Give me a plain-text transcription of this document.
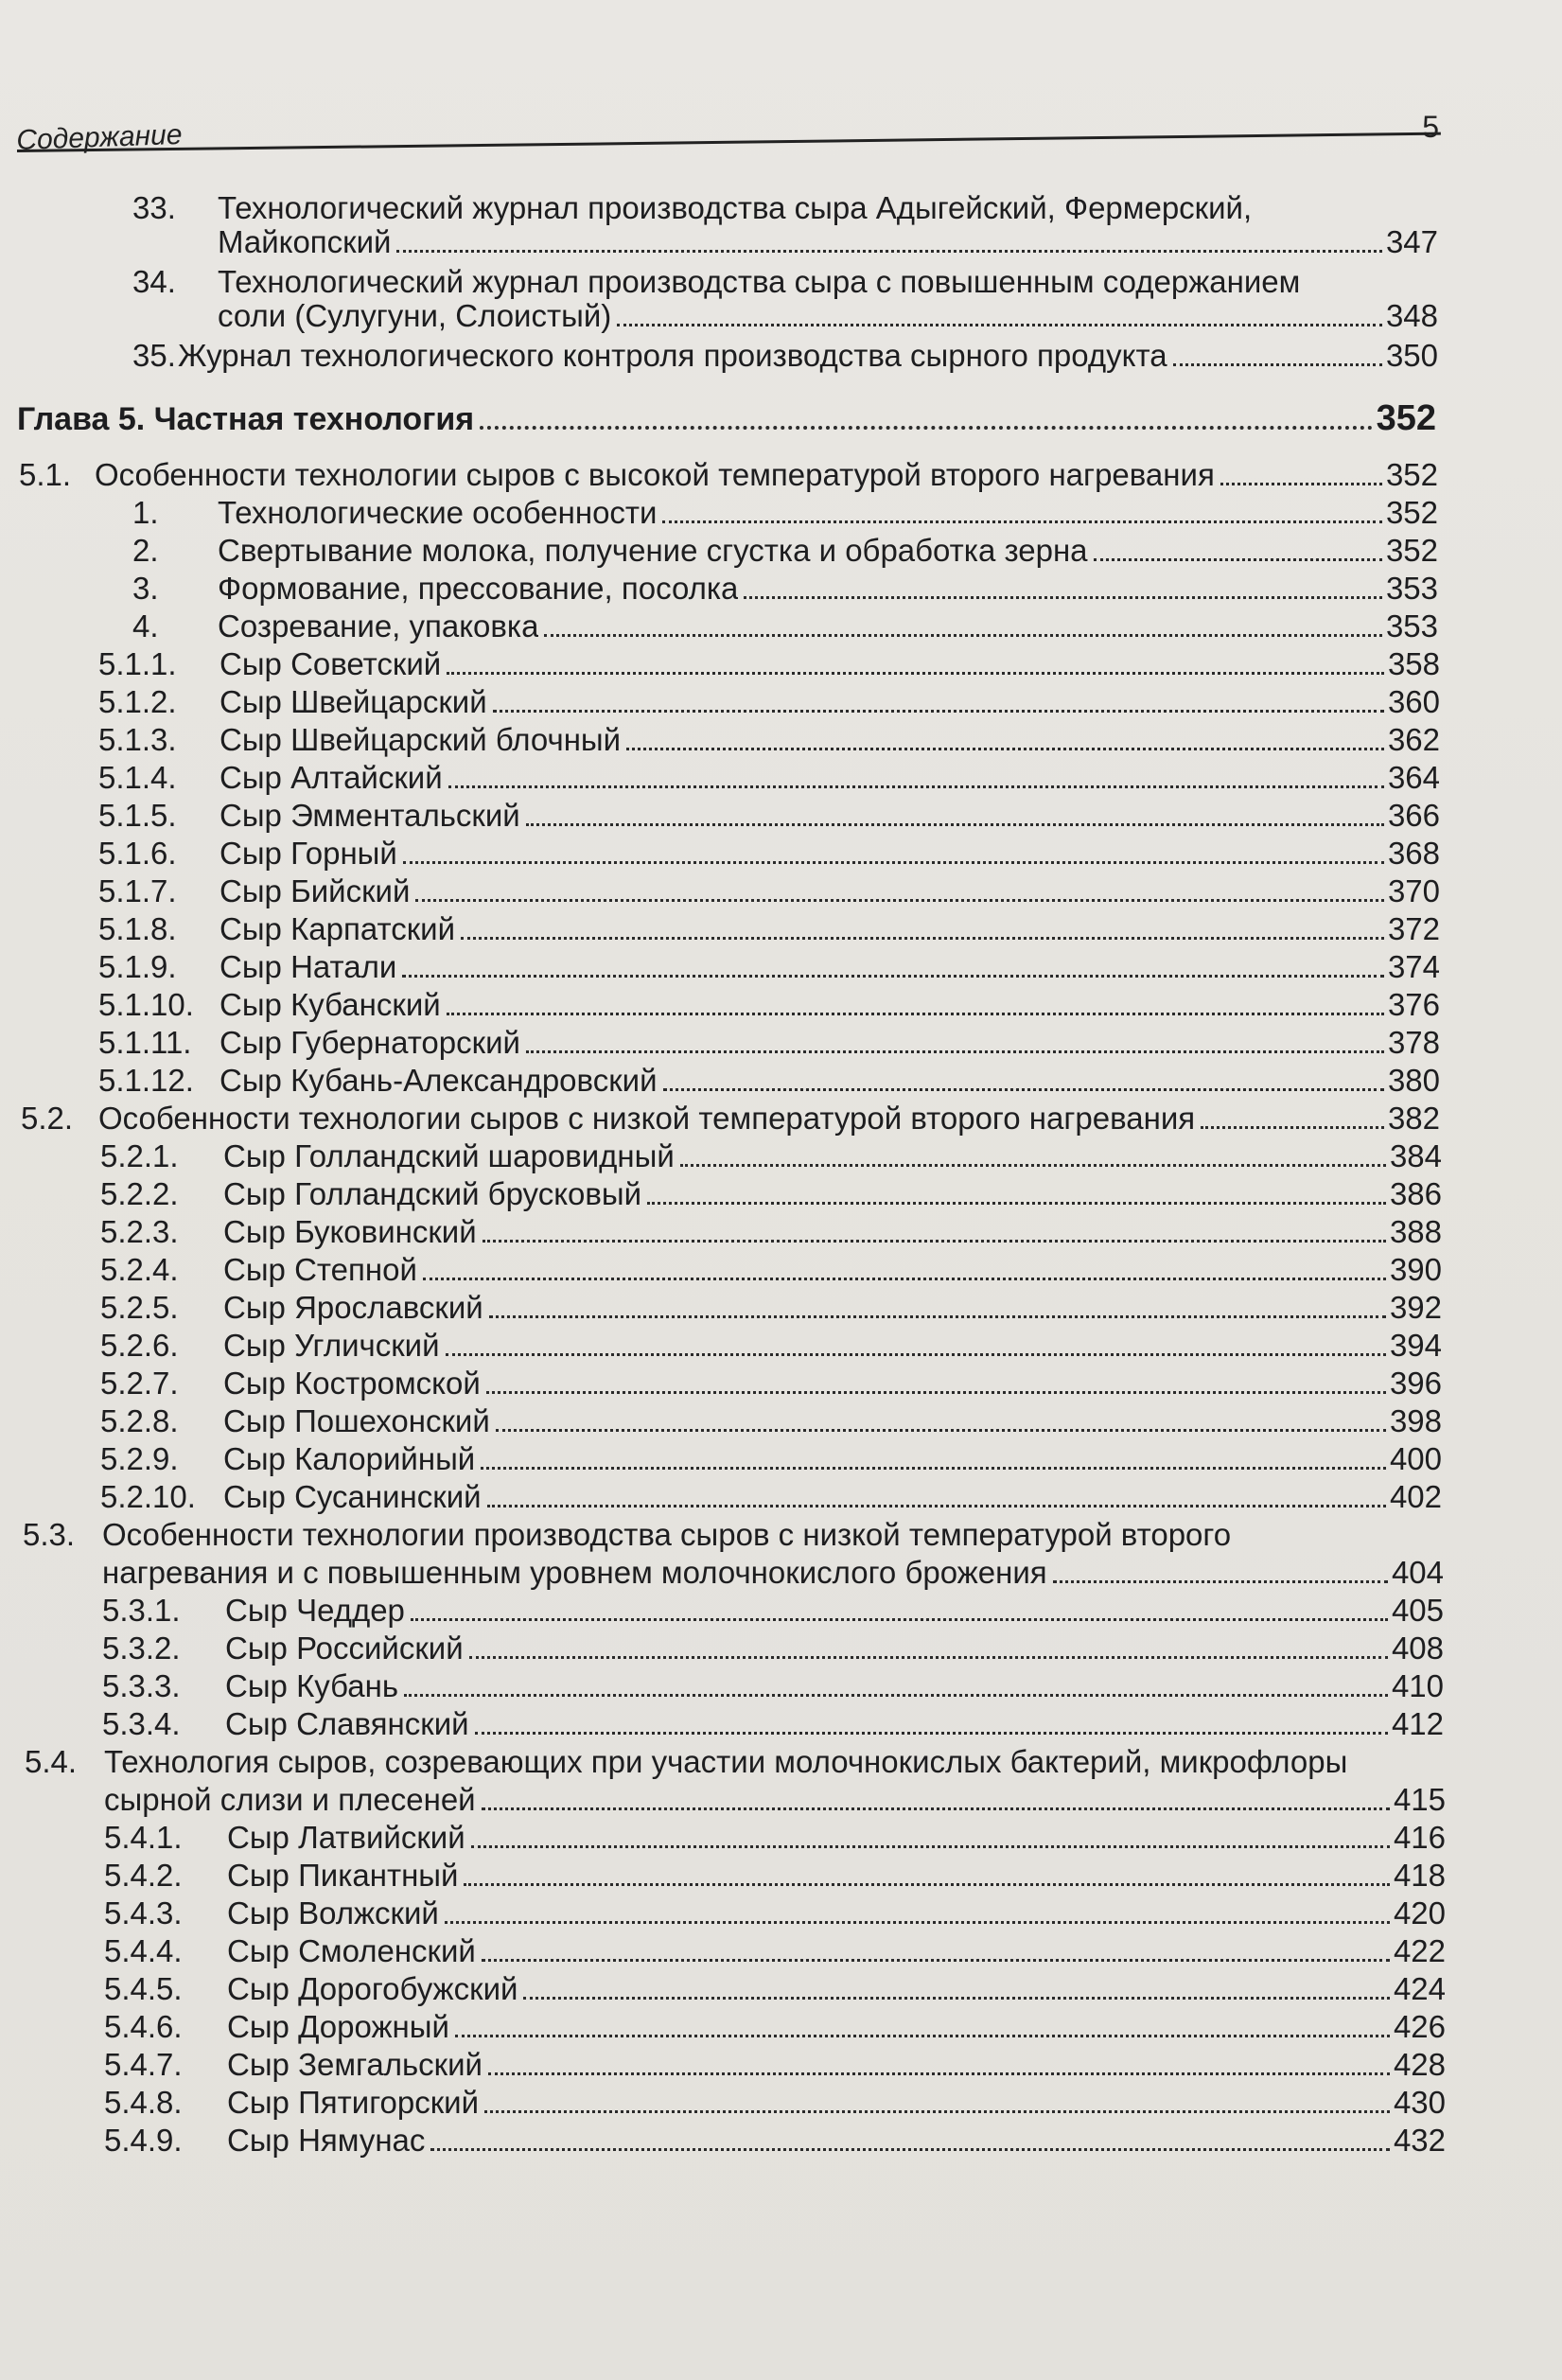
Содержание	5
33.	Технологический журнал производства сыра Адыгейский, Фермерский,
Майкопский	347
34.	Технологический журнал производства сыра с повышенным содержанием
соли (Сулугуни, Слоистый)	348
35. Журнал технологического контроля производства сырного продукта	350
Глава 5. Частная технология	352
5.1. Особенности технологии сыров с высокой температурой второго нагревания	352
1.	Технологические особенности	352
2.	Свертывание молока, получение сгустка и обработка зерна	352
3.	Формование, прессование, посолка	353
4.	Созревание, упаковка	353
5.1.1.	Сыр Советский	358
5.1.2.	Сыр Швейцарский	360
5.1.3.	Сыр Швейцарский блочный	362
5.1.4.	Сыр Алтайский	364
5.1.5.	Сыр Эмментальский	366
5.1.6.	Сыр Горный	368
5.1.7.	Сыр Бийский	370
5.1.8.	Сыр Карпатский	372
5.1.9.	Сыр Натали	374
5.1.10. Сыр Кубанский	376
5.1.11. Сыр Губернаторский	378
5.1.12. Сыр Кубань-Александровский	380
5.2. Особенности технологии сыров с низкой температурой второго нагревания	382
5.2.1.	Сыр Голландский шаровидный	384
5.2.2.	Сыр Голландский брусковый	386
5.2.3.	Сыр Буковинский	388
5.2.4.	Сыр Степной	390
5.2.5.	Сыр Ярославский	392
5.2.6.	Сыр Угличский	394
5.2.7.	Сыр Костромской	396
5.2.8.	Сыр Пошехонский	398
5.2.9.	Сыр Калорийный	400
5.2.10. Сыр Сусанинский	402
5.3. Особенности технологии производства сыров с низкой температурой второго
нагревания и с повышенным уровнем молочнокислого брожения	404
5.3.1.	Сыр Чеддер	405
5.3.2.	Сыр Российский	408
5.3.3.	Сыр Кубань	410
5.3.4.	Сыр Славянский	412
5.4. Технология сыров, созревающих при участии молочнокислых бактерий, микрофлоры
сырной слизи и плесеней	415
5.4.1.	Сыр Латвийский	416
5.4.2.	Сыр Пикантный	418
5.4.3.	Сыр Волжский	420
5.4.4.	Сыр Смоленский	422
5.4.5.	Сыр Дорогобужский	424
5.4.6.	Сыр Дорожный	426
5.4.7.	Сыр Земгальский	428
5.4.8.	Сыр Пятигорский	430
5.4.9.	Сыр Нямунас	432
